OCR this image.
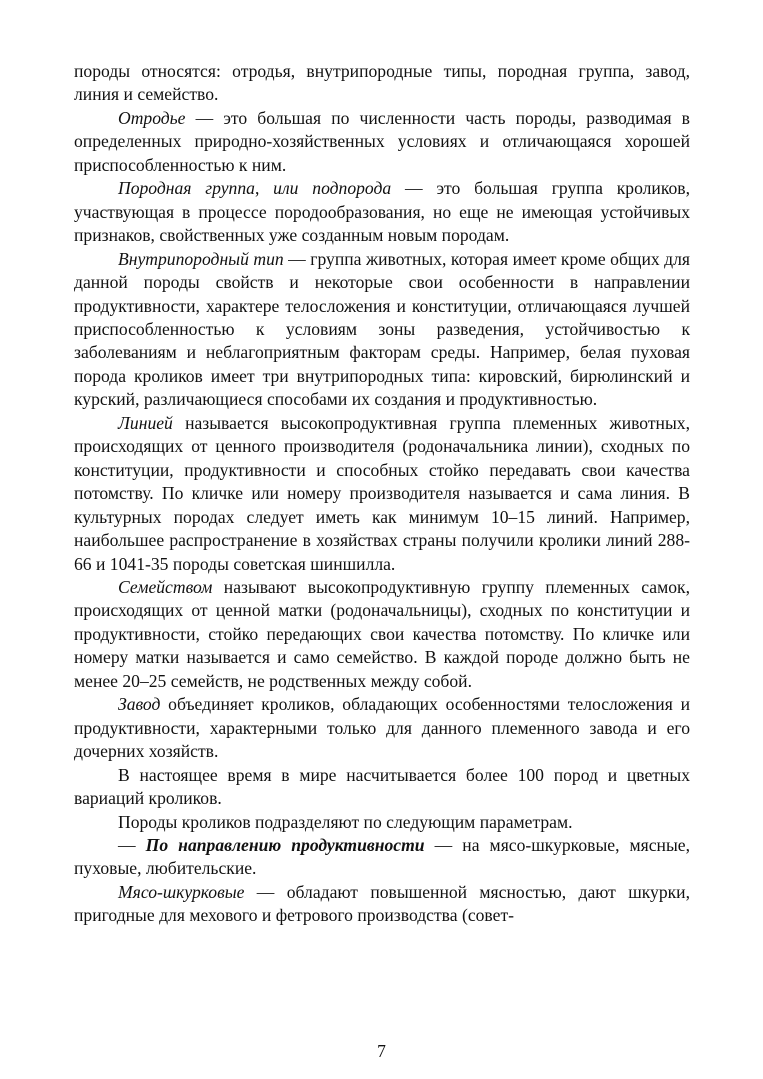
породы относятся: отродья, внутрипородные типы, породная группа, завод, линия и семейство.

Отродье — это большая по численности часть породы, разводимая в определенных природно-хозяйственных условиях и отличающаяся хорошей приспособленностью к ним.

Породная группа, или подпорода — это большая группа кроликов, участвующая в процессе породообразования, но еще не имеющая устойчивых признаков, свойственных уже созданным новым породам.

Внутрипородный тип — группа животных, которая имеет кроме общих для данной породы свойств и некоторые свои особенности в направлении продуктивности, характере телосложения и конституции, отличающаяся лучшей приспособленностью к условиям зоны разведения, устойчивостью к заболеваниям и неблагоприятным факторам среды. Например, белая пуховая порода кроликов имеет три внутрипородных типа: кировский, бирюлинский и курский, различающиеся способами их создания и продуктивностью.

Линией называется высокопродуктивная группа племенных животных, происходящих от ценного производителя (родоначальника линии), сходных по конституции, продуктивности и способных стойко передавать свои качества потомству. По кличке или номеру производителя называется и сама линия. В культурных породах следует иметь как минимум 10–15 линий. Например, наибольшее распространение в хозяйствах страны получили кролики линий 288-66 и 1041-35 породы советская шиншилла.

Семейством называют высокопродуктивную группу племенных самок, происходящих от ценной матки (родоначальницы), сходных по конституции и продуктивности, стойко передающих свои качества потомству. По кличке или номеру матки называется и само семейство. В каждой породе должно быть не менее 20–25 семейств, не родственных между собой.

Завод объединяет кроликов, обладающих особенностями телосложения и продуктивности, характерными только для данного племенного завода и его дочерних хозяйств.

В настоящее время в мире насчитывается более 100 пород и цветных вариаций кроликов.

Породы кроликов подразделяют по следующим параметрам.

— По направлению продуктивности — на мясо-шкурковые, мясные, пуховые, любительские.

Мясо-шкурковые — обладают повышенной мясностью, дают шкурки, пригодные для мехового и фетрового производства (совет-

7
